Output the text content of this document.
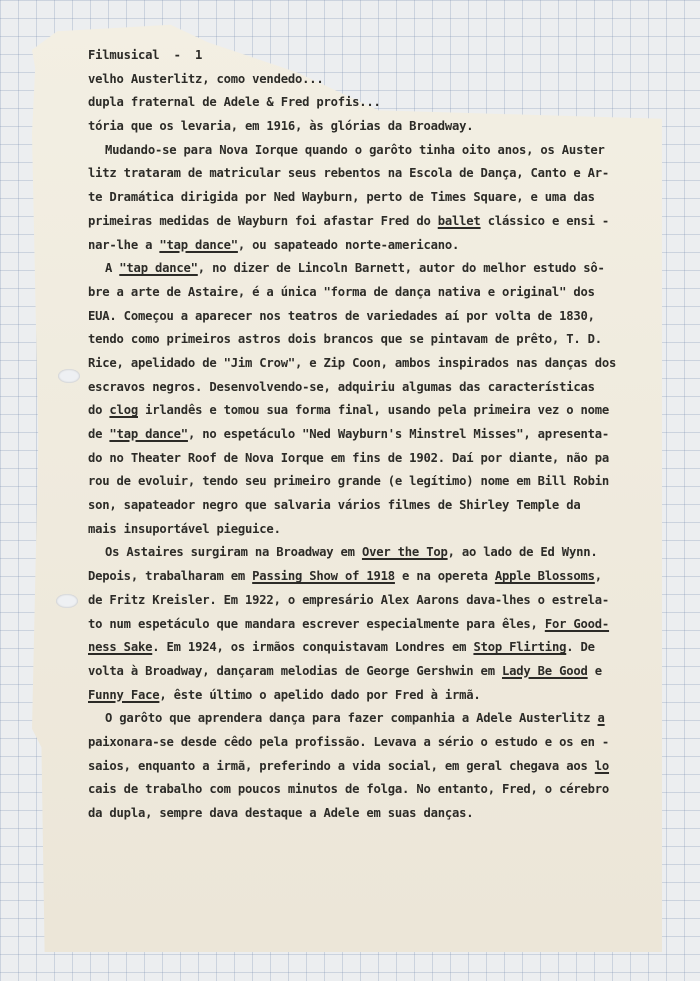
Filmusical  -  1
velho Austerlitz, como vendedo...
dupla fraternal de Adele & Fred profis...
tória que os levaria, em 1916, às glórias da Broadway.
Mudando-se para Nova Iorque quando o garôto tinha oito anos, os Auster
litz trataram de matricular seus rebentos na Escola de Dança, Canto e Ar-
te Dramática dirigida por Ned Wayburn, perto de Times Square, e uma das
primeiras medidas de Wayburn foi afastar Fred do ballet clássico e ensi -
nar-lhe a "tap dance", ou sapateado norte-americano.
A "tap dance", no dizer de Lincoln Barnett, autor do melhor estudo sô-
bre a arte de Astaire, é a única "forma de dança nativa e original" dos
EUA. Começou a aparecer nos teatros de variedades aí por volta de 1830,
tendo como primeiros astros dois brancos que se pintavam de prêto, T. D.
Rice, apelidado de "Jim Crow", e Zip Coon, ambos inspirados nas danças dos
escravos negros. Desenvolvendo-se, adquiriu algumas das características
do clog irlandês e tomou sua forma final, usando pela primeira vez o nome
de "tap dance", no espetáculo "Ned Wayburn's Minstrel Misses", apresenta-
do no Theater Roof de Nova Iorque em fins de 1902. Daí por diante, não pa
rou de evoluir, tendo seu primeiro grande (e legítimo) nome em Bill Robin
son, sapateador negro que salvaria vários filmes de Shirley Temple da
mais insuportável pieguice.
Os Astaires surgiram na Broadway em Over the Top, ao lado de Ed Wynn.
Depois, trabalharam em Passing Show of 1918 e na opereta Apple Blossoms,
de Fritz Kreisler. Em 1922, o empresário Alex Aarons dava-lhes o estrela-
to num espetáculo que mandara escrever especialmente para êles, For Good-
ness Sake. Em 1924, os irmãos conquistavam Londres em Stop Flirting. De
volta à Broadway, dançaram melodias de George Gershwin em Lady Be Good e
Funny Face, êste último o apelido dado por Fred à irmã.
O garôto que aprendera dança para fazer companhia a Adele Austerlitz a
paixonara-se desde cêdo pela profissão. Levava a sério o estudo e os en -
saios, enquanto a irmã, preferindo a vida social, em geral chegava aos lo
cais de trabalho com poucos minutos de folga. No entanto, Fred, o cérebro
da dupla, sempre dava destaque a Adele em suas danças.
